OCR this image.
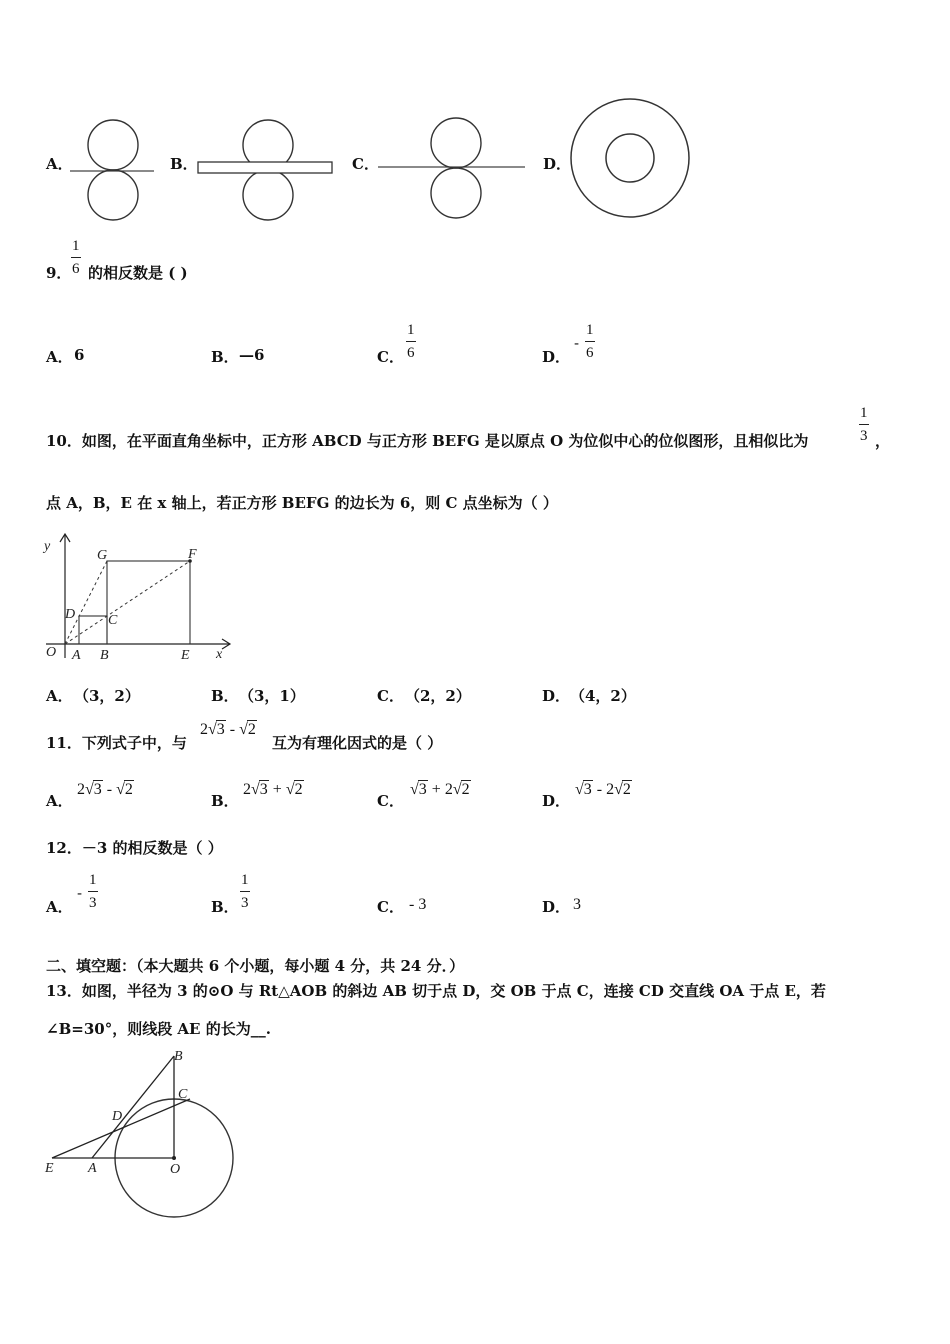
A．	B．	C．	D．
9．
1
6 的相反数是 ( )
A． 6	B． —6	C．
1
6	D．
-
1
6
10．如图，在平面直角坐标中，正方形 ABCD 与正方形 BEFG 是以原点 O 为位似中心的位似图形，且相似比为
1
3 ，
点 A，B，E 在 x 轴上，若正方形 BEFG 的边长为 6，则 C 点坐标为（ ）
y
x
O A B	E
G	F
D C
A． （3，2）	B． （3，1）	C． （2，2）	D． （4，2）
11．下列式子中，与
2√3 - √2
互为有理化因式的是（ ）
A．
2√3 - √2
B．
2√3 + √2
C．
√3 + 2√2
D．
√3 - 2√2
12．－3 的相反数是（ ）
A．
-
1
3	B．
1
3	C． - 3	D． 3
二、填空题：（本大题共 6 个小题，每小题 4 分，共 24 分．）
13．如图，半径为 3 的⊙O 与 Rt△AOB 的斜边 AB 切于点 D，交 OB 于点 C，连接 CD 交直线 OA 于点 E，若
∠B=30°，则线段 AE 的长为__.
B
C
D
E A	O
